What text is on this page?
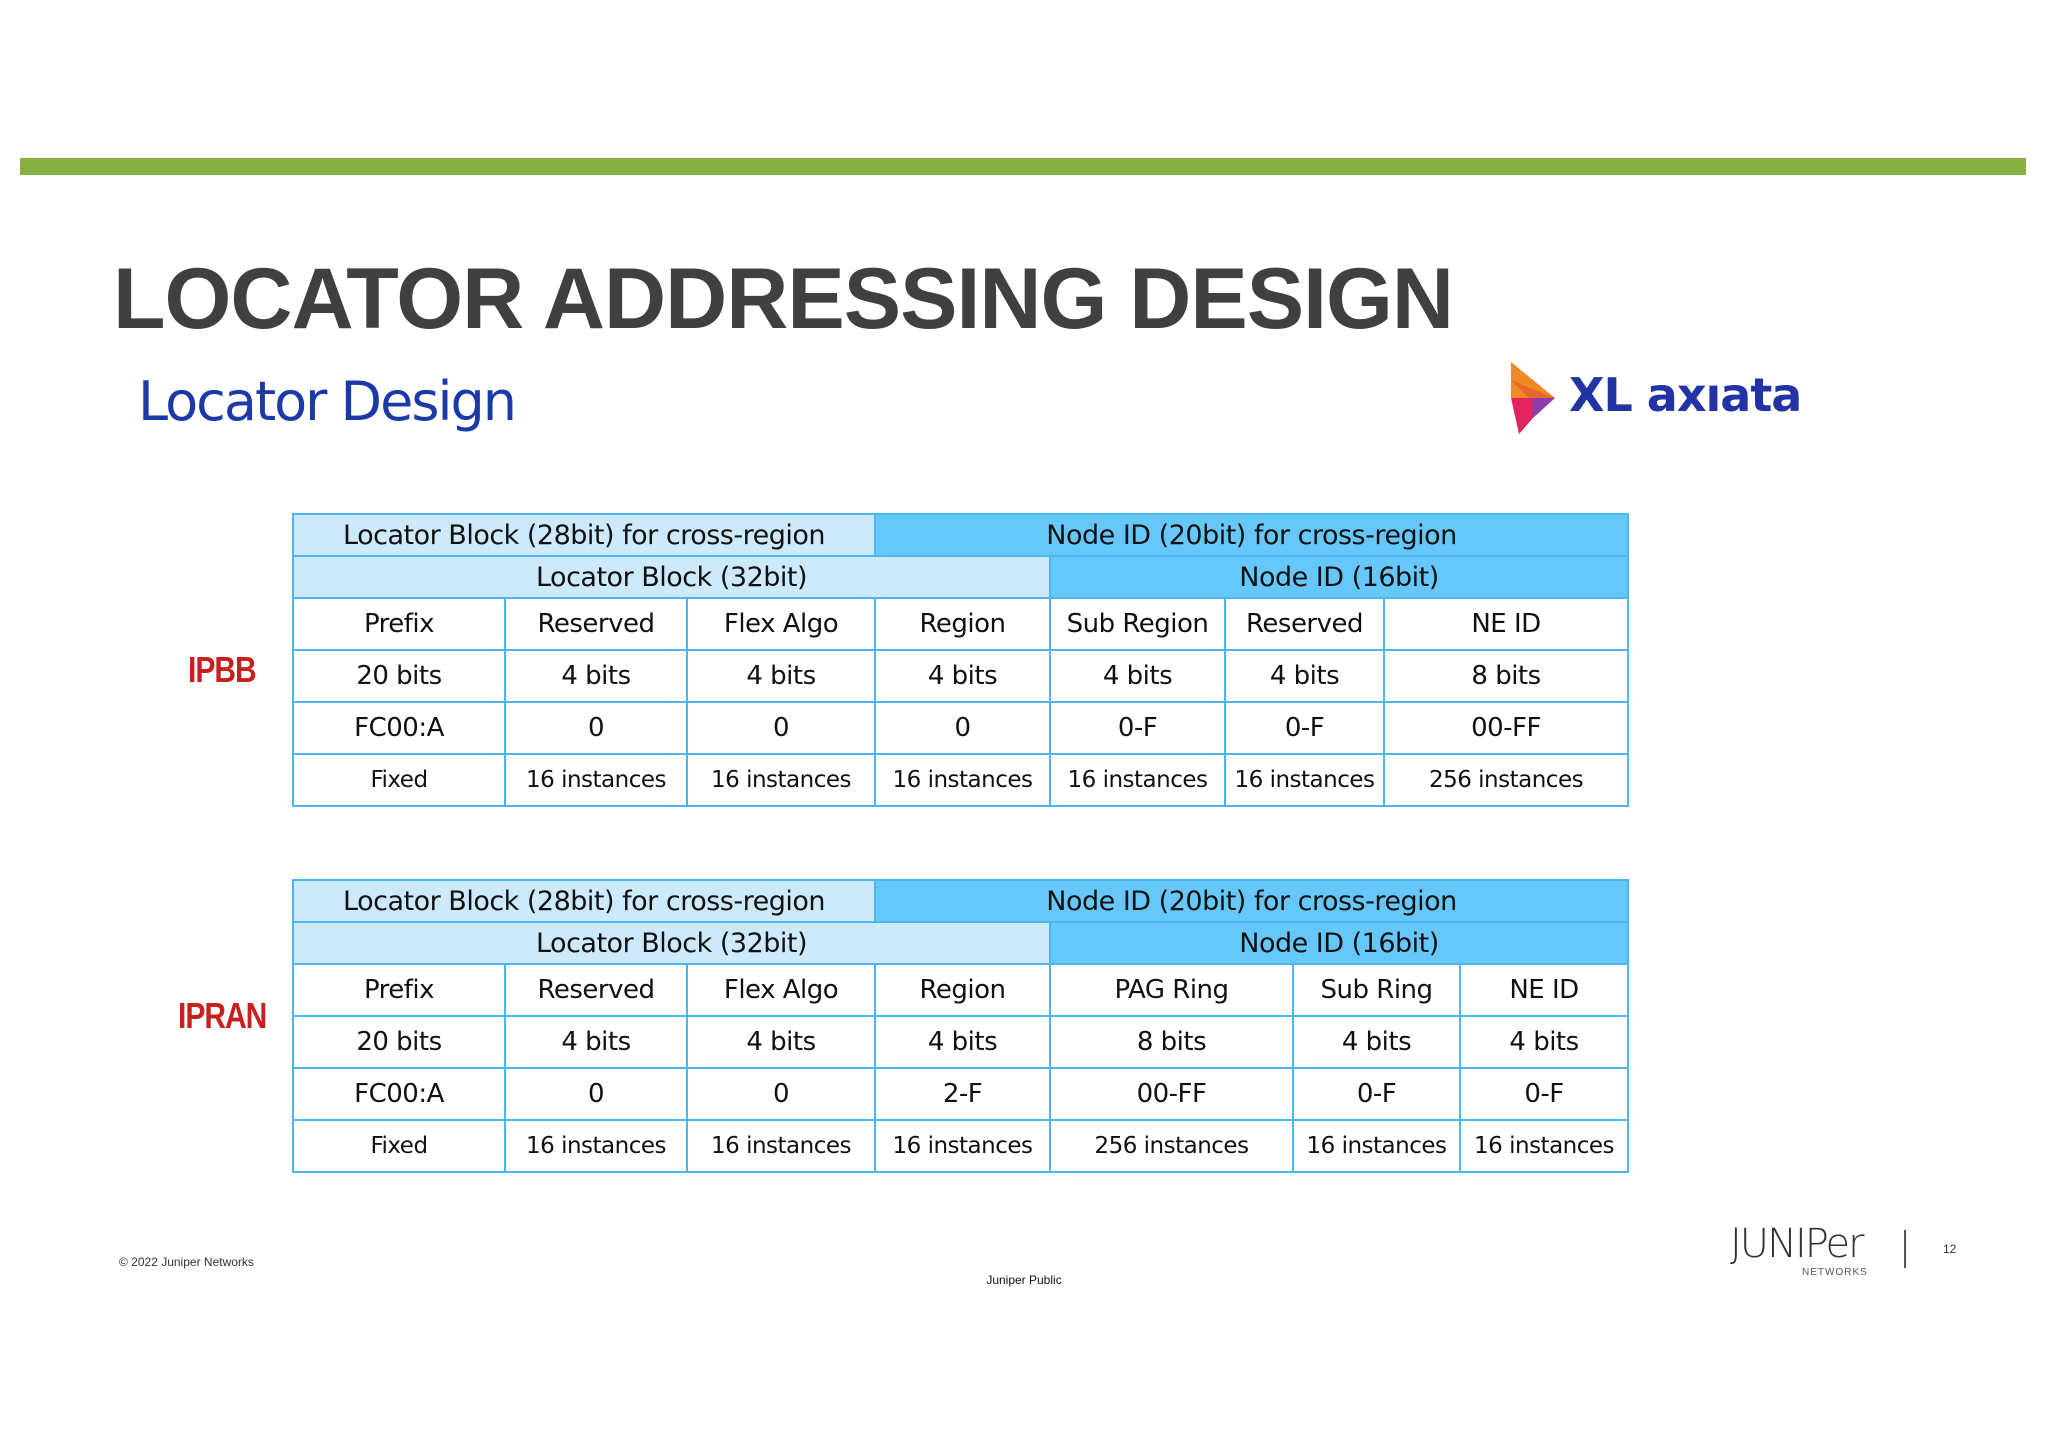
LOCATOR ADDRESSING DESIGN
Locator Design	XL axıata
IPBB
IPRAN
Locator Block (28bit) for cross-region			Node ID (20bit) for cross-region			
Locator Block (32bit)				Node ID (16bit)		
Prefix	Reserved	Flex Algo	Region	Sub Region	Reserved	NE ID
20 bits	4 bits	4 bits	4 bits	4 bits	4 bits	8 bits
FC00:A	0	0	0	0-F	0-F	00-FF
Fixed	16 instances	16 instances	16 instances	16 instances	16 instances	256 instances
Locator Block (28bit) for cross-region			Node ID (20bit) for cross-region			
Locator Block (32bit)				Node ID (16bit)		
Prefix	Reserved	Flex Algo	Region	PAG Ring	Sub Ring	NE ID
20 bits	4 bits	4 bits	4 bits	8 bits	4 bits	4 bits
FC00:A	0	0	2-F	00-FF	0-F	0-F
Fixed	16 instances	16 instances	16 instances	256 instances	16 instances	16 instances
© 2022 Juniper Networks
Juniper Public
JUNIPer
NETWORKS
12
